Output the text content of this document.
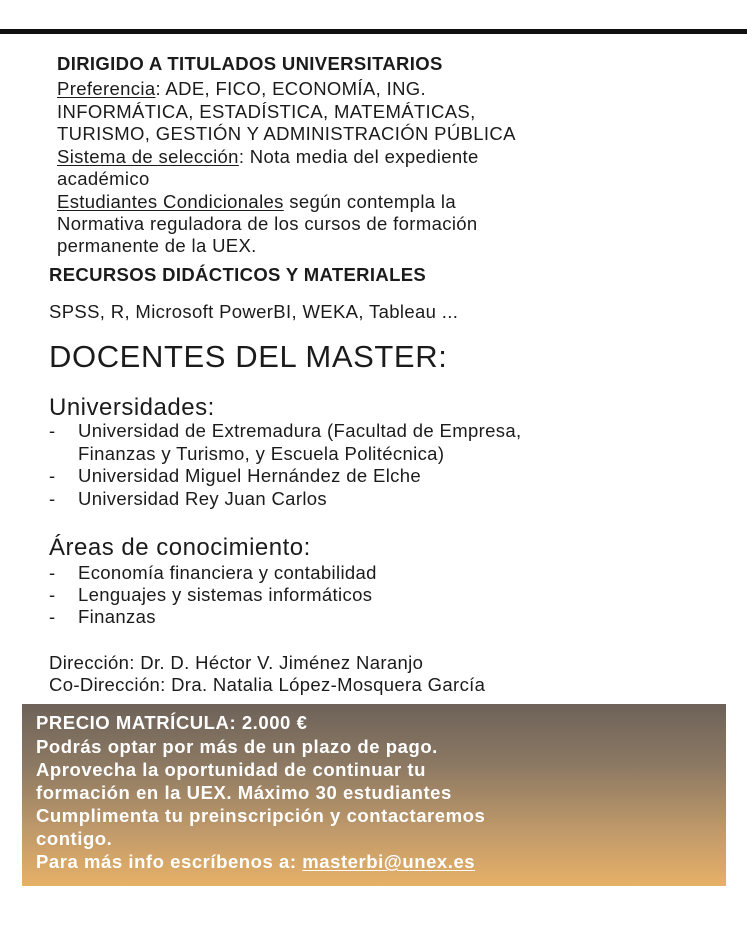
DIRIGIDO A TITULADOS UNIVERSITARIOS
Preferencia: ADE, FICO, ECONOMÍA, ING.
INFORMÁTICA, ESTADÍSTICA, MATEMÁTICAS,
TURISMO, GESTIÓN Y ADMINISTRACIÓN PÚBLICA
Sistema de selección: Nota media del expediente
académico
Estudiantes Condicionales según contempla la
Normativa reguladora de los cursos de formación
permanente de la UEX.
RECURSOS DIDÁCTICOS Y MATERIALES
SPSS, R, Microsoft PowerBI, WEKA, Tableau ...
DOCENTES DEL MASTER:
Universidades:
- Universidad de Extremadura (Facultad de Empresa,
Finanzas y Turismo, y Escuela Politécnica)
- Universidad Miguel Hernández de Elche
- Universidad Rey Juan Carlos
Áreas de conocimiento:
- Economía financiera y contabilidad
- Lenguajes y sistemas informáticos
- Finanzas
Dirección: Dr. D. Héctor V. Jiménez Naranjo
Co-Dirección: Dra. Natalia López-Mosquera García
PRECIO MATRÍCULA: 2.000 €
Podrás optar por más de un plazo de pago.
Aprovecha la oportunidad de continuar tu
formación en la UEX. Máximo 30 estudiantes
Cumplimenta tu preinscripción y contactaremos
contigo.
Para más info escríbenos a: masterbi@unex.es
